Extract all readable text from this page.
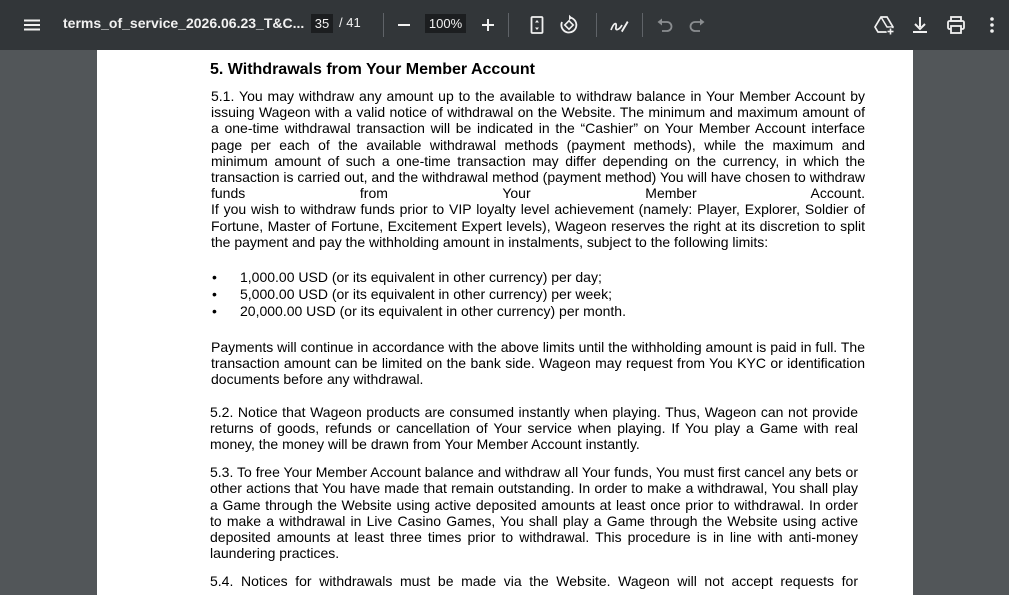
terms_of_service_2026.06.23_T&C... 35 / 41	100%
5. Withdrawals from Your Member Account

5.1. You may withdraw any amount up to the available to withdraw balance in Your Member Account by issuing Wageon with a valid notice of withdrawal on the Website. The minimum and maximum amount of a one-time withdrawal transaction will be indicated in the “Cashier” on Your Member Account interface page per each of the available withdrawal methods (payment methods), while the maximum and minimum amount of such a one-time transaction may differ depending on the currency, in which the transaction is carried out, and the withdrawal method (payment method) You will have chosen to withdraw funds from Your Member Account.

If you wish to withdraw funds prior to VIP loyalty level achievement (namely: Player, Explorer, Soldier of Fortune, Master of Fortune, Excitement Expert levels), Wageon reserves the right at its discretion to split the payment and pay the withholding amount in instalments, subject to the following limits:

• 1,000.00 USD (or its equivalent in other currency) per day;
• 5,000.00 USD (or its equivalent in other currency) per week;
• 20,000.00 USD (or its equivalent in other currency) per month.

Payments will continue in accordance with the above limits until the withholding amount is paid in full. The transaction amount can be limited on the bank side. Wageon may request from You KYC or identification documents before any withdrawal.

5.2. Notice that Wageon products are consumed instantly when playing. Thus, Wageon can not provide returns of goods, refunds or cancellation of Your service when playing. If You play a Game with real money, the money will be drawn from Your Member Account instantly.

5.3. To free Your Member Account balance and withdraw all Your funds, You must first cancel any bets or other actions that You have made that remain outstanding. In order to make a withdrawal, You shall play a Game through the Website using active deposited amounts at least once prior to withdrawal. In order to make a withdrawal in Live Casino Games, You shall play a Game through the Website using active deposited amounts at least three times prior to withdrawal. This procedure is in line with anti-money laundering practices.

5.4. Notices for withdrawals must be made via the Website. Wageon will not accept requests for
